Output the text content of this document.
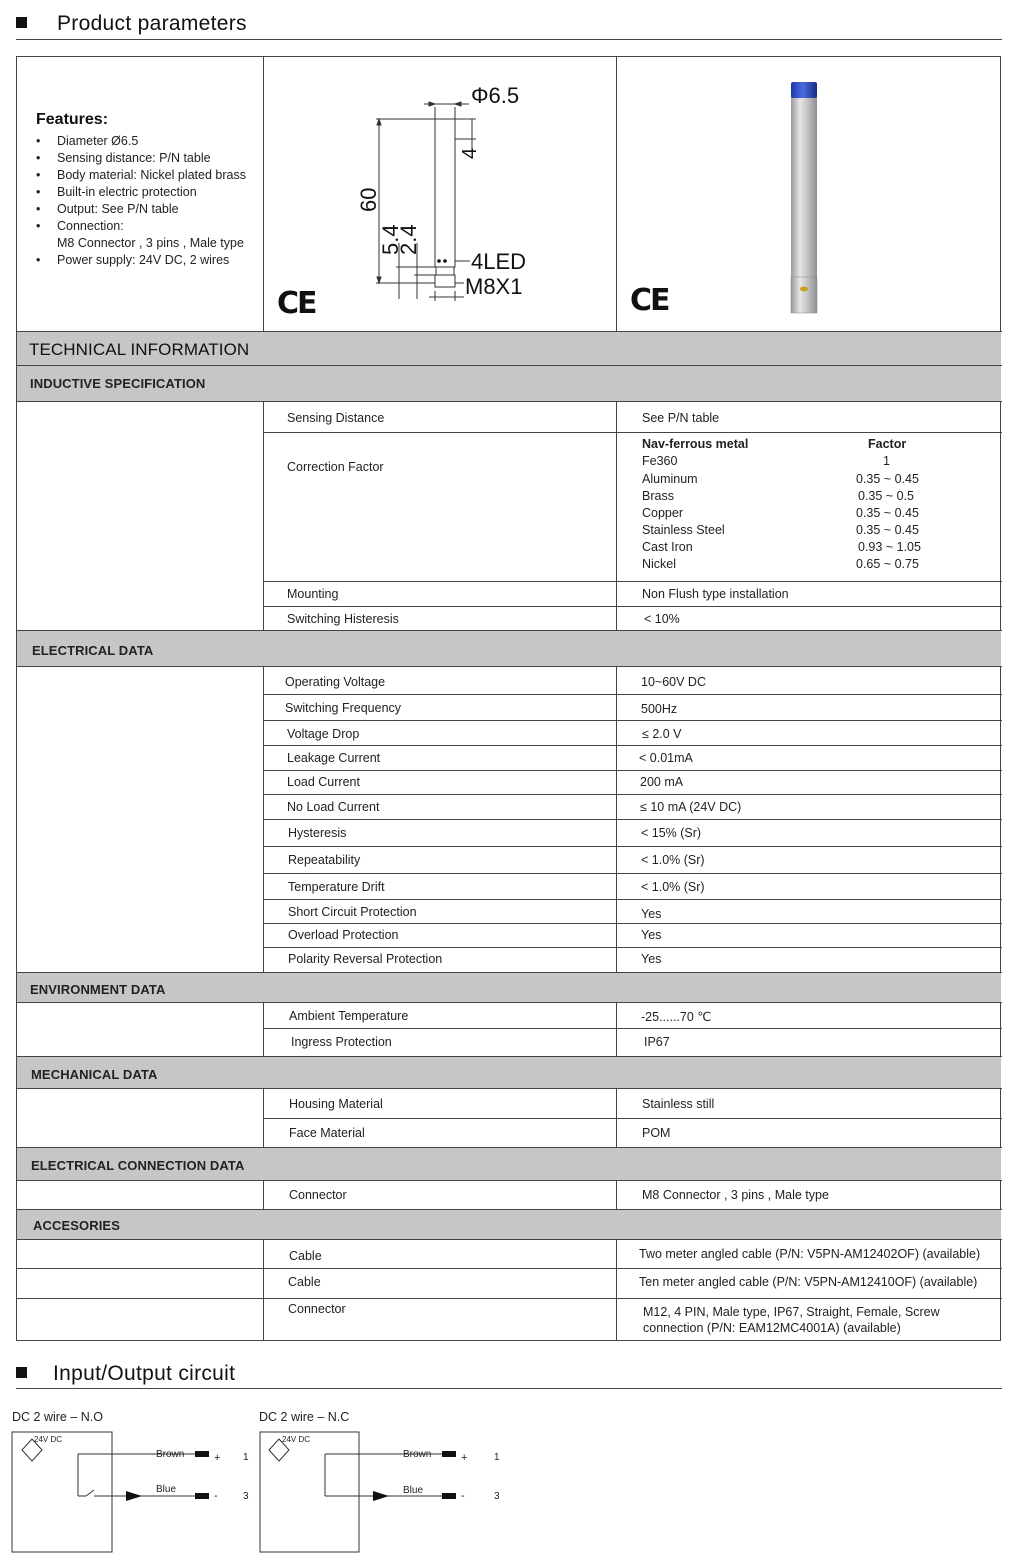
Product parameters
Features:
• Diameter Ø6.5
• Sensing distance: P/N table
• Body material: Nickel plated brass
• Built-in electric protection
• Output: See P/N table
• Connection:
M8 Connector , 3 pins , Male type
• Power supply: 24V DC, 2 wires
Φ6.5
4
60
5.4
2.4
4LED
M8X1
CE	CE
TECHNICAL INFORMATION
INDUCTIVE SPECIFICATION
Sensing Distance	See P/N table
Correction Factor
Nav-ferrous metal	Factor
Fe360	1
Aluminum	0.35 ~ 0.45
Brass	0.35 ~ 0.5
Copper	0.35 ~ 0.45
Stainless Steel	0.35 ~ 0.45
Cast Iron	0.93 ~ 1.05
Nickel	0.65 ~ 0.75
Mounting	Non Flush type installation
Switching Histeresis	< 10%
ELECTRICAL DATA
Operating Voltage	10~60V DC
Switching Frequency	500Hz
Voltage Drop	≤ 2.0 V
Leakage Current	< 0.01mA
Load Current	200 mA
No Load Current	≤ 10 mA (24V DC)
Hysteresis	< 15% (Sr)
Repeatability	< 1.0% (Sr)
Temperature Drift	< 1.0% (Sr)
Short Circuit Protection	Yes
Overload Protection	Yes
Polarity Reversal Protection	Yes
ENVIRONMENT DATA
Ambient Temperature	-25......70 ℃
Ingress Protection	IP67
MECHANICAL DATA
Housing Material	Stainless still
Face Material	POM
ELECTRICAL CONNECTION DATA
Connector	M8 Connector , 3 pins , Male type
ACCESORIES
Cable	Two meter angled cable (P/N: V5PN-AM12402OF) (available)
Cable	Ten meter angled cable (P/N: V5PN-AM12410OF) (available)
Connector	M12, 4 PIN, Male type, IP67, Straight, Female, Screw
connection (P/N: EAM12MC4001A) (available)
Input/Output circuit
DC 2 wire – N.O
24V DC
Brown
Blue
+
-
1
3
DC 2 wire – N.C
24V DC
Brown
Blue
+
-
1
3
